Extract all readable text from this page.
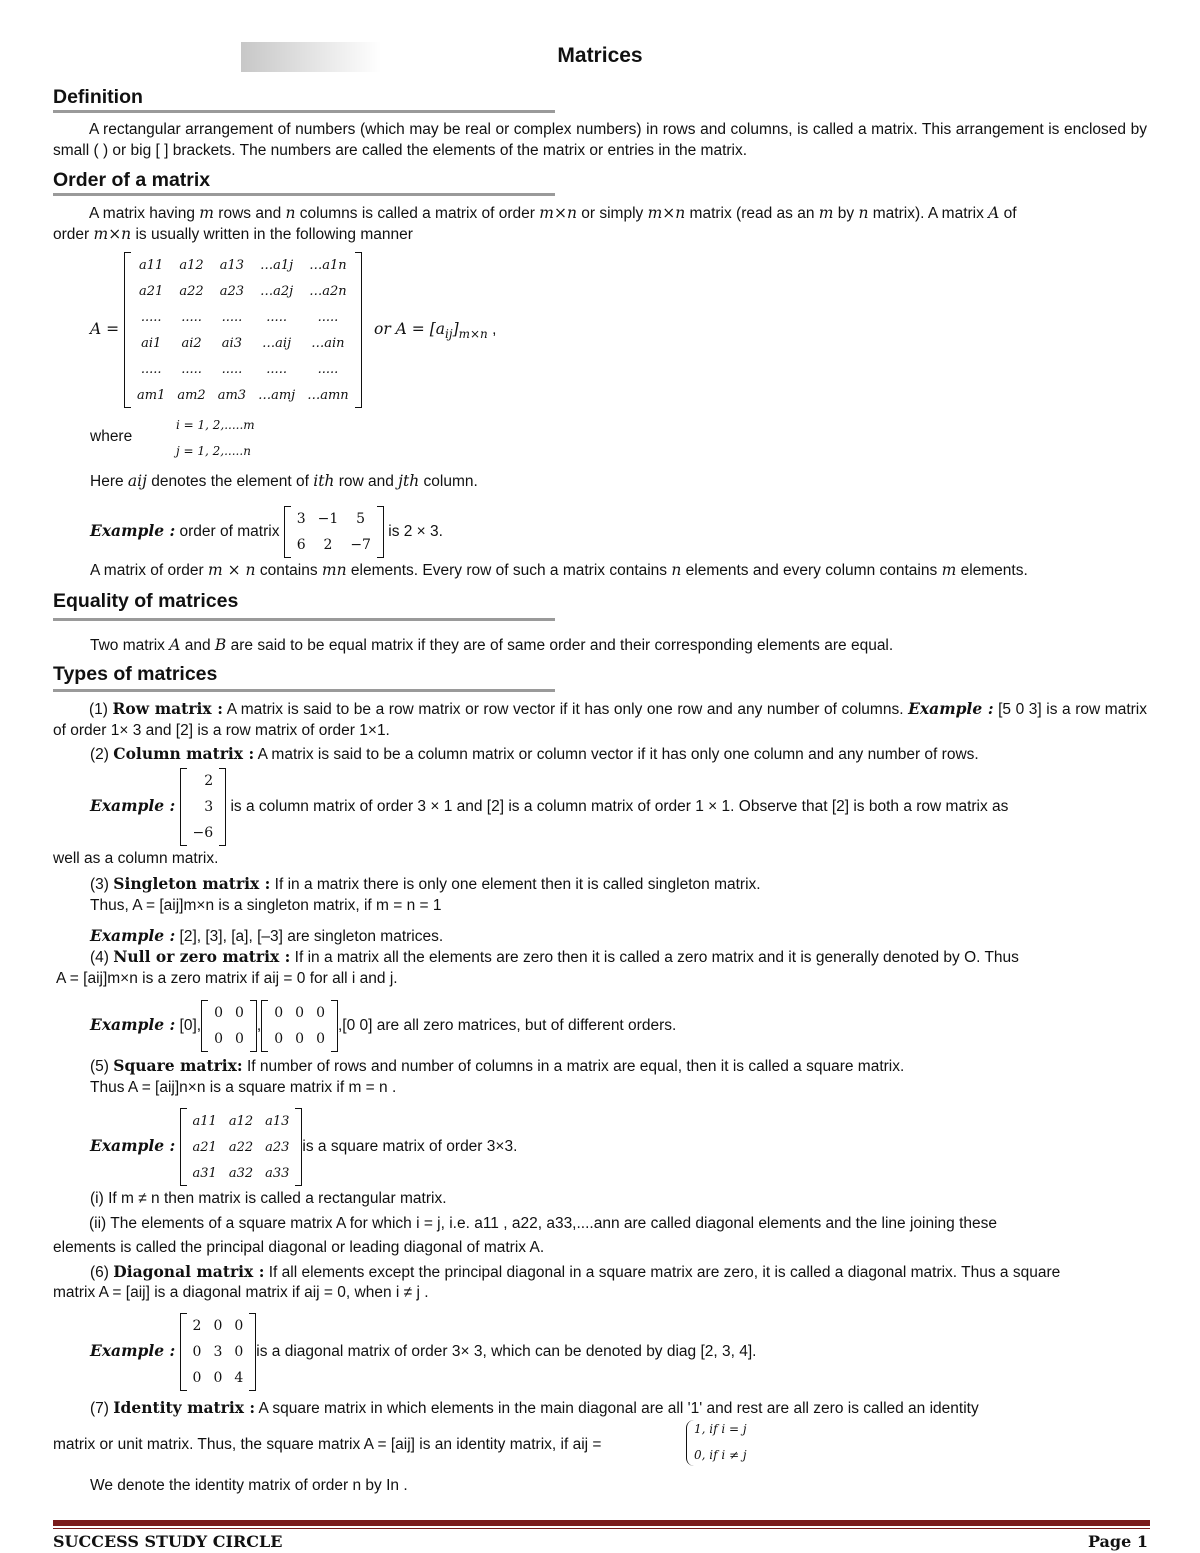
Matrices
Definition
A rectangular arrangement of numbers (which may be real or complex numbers) in rows and columns, is called a matrix. This arrangement is enclosed by small ( ) or big [ ] brackets. The numbers are called the elements of the matrix or entries in the matrix.
Order of a matrix
A matrix having m rows and n columns is called a matrix of order m×n or simply m×n matrix (read as an m by n matrix). A matrix A of
order m×n is usually written in the following manner
A =
a11	a12	a13	…a1j	…a1n
a21	a22	a23	…a2j	…a2n
.....	.....	.....	.....	.....
ai1	ai2	ai3	…aij	…ain
.....	.....	.....	.....	.....
am1	am2	am3	…amj	…amn
or $A = [a_{ij}]_{m\times n}$ ,
where
i = 1, 2,.....m
j = 1, 2,.....n
Here aij denotes the element of ith row and jth column.
Example : order of matrix
3	−1	5
6	2	−7
is 2 × 3.
A matrix of order m × n contains mn elements. Every row of such a matrix contains n elements and every column contains m elements.
Equality of matrices
Two matrix A and B are said to be equal matrix if they are of same order and their corresponding elements are equal.
Types of matrices
(1) Row matrix : A matrix is said to be a row matrix or row vector if it has only one row and any number of columns. Example : [5 0 3] is a row matrix of order 1× 3 and [2] is a row matrix of order 1×1.
(2) Column matrix : A matrix is said to be a column matrix or column vector if it has only one column and any number of rows.
Example :
2
3
−6
is a column matrix of order 3 × 1 and [2] is a column matrix of order 1 × 1. Observe that [2] is both a row matrix as
well as a column matrix.
(3) Singleton matrix : If in a matrix there is only one element then it is called singleton matrix.
Thus, A = [aij]m×n is a singleton matrix, if m = n = 1
Example : [2], [3], [a], [–3] are singleton matrices.
(4) Null or zero matrix : If in a matrix all the elements are zero then it is called a zero matrix and it is generally denoted by O. Thus
A = [aij]m×n is a zero matrix if aij = 0 for all i and j.
Example : [0],
0	0
0	0
,
0	0	0
0	0	0
,[0 0] are all zero matrices, but of different orders.
(5) Square matrix: If number of rows and number of columns in a matrix are equal, then it is called a square matrix.
Thus A = [aij]n×n is a square matrix if m = n .
Example :
a11	a12	a13
a21	a22	a23
a31	a32	a33
is a square matrix of order 3×3.
(i) If m ≠ n then matrix is called a rectangular matrix.
(ii) The elements of a square matrix A for which i = j, i.e. a11 , a22, a33,....ann are called diagonal elements and the line joining these
elements is called the principal diagonal or leading diagonal of matrix A.
(6) Diagonal matrix : If all elements except the principal diagonal in a square matrix are zero, it is called a diagonal matrix. Thus a square
matrix A = [aij] is a diagonal matrix if aij = 0, when i ≠ j .
Example :
2	0	0
0	3	0
0	0	4
is a diagonal matrix of order 3× 3, which can be denoted by diag [2, 3, 4].
(7) Identity matrix : A square matrix in which elements in the main diagonal are all '1' and rest are all zero is called an identity
matrix or unit matrix. Thus, the square matrix A = [aij] is an identity matrix, if aij =
1, if i = j
0, if i ≠ j
We denote the identity matrix of order n by In .
SUCCESS STUDY CIRCLE	Page 1
